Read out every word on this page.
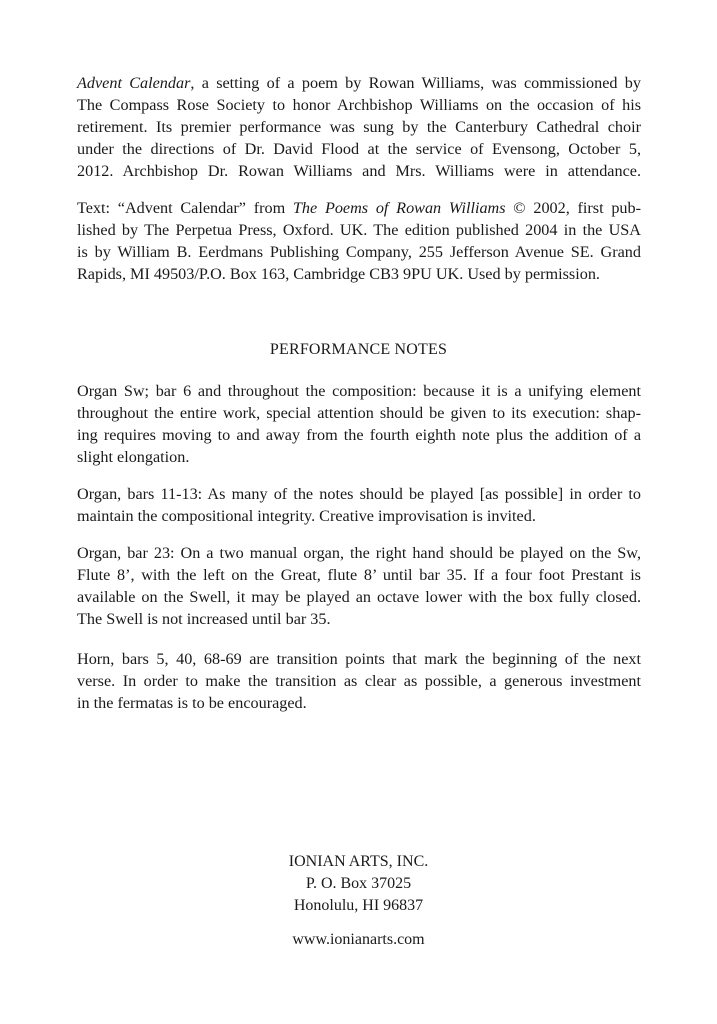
Advent Calendar, a setting of a poem by Rowan Williams, was commissioned by
The Compass Rose Society to honor Archbishop Williams on the occasion of his
retirement. Its premier performance was sung by the Canterbury Cathedral choir
under the directions of Dr. David Flood at the service of Evensong, October 5,
2012. Archbishop Dr. Rowan Williams and Mrs. Williams were in attendance.
Text: “Advent Calendar” from The Poems of Rowan Williams © 2002, first pub-
lished by The Perpetua Press, Oxford. UK. The edition published 2004 in the USA
is by William B. Eerdmans Publishing Company, 255 Jefferson Avenue SE. Grand
Rapids, MI 49503/P.O. Box 163, Cambridge CB3 9PU UK. Used by permission.
PERFORMANCE NOTES
Organ Sw; bar 6 and throughout the composition: because it is a unifying element
throughout the entire work, special attention should be given to its execution: shap-
ing requires moving to and away from the fourth eighth note plus the addition of a
slight elongation.
Organ, bars 11-13: As many of the notes should be played [as possible] in order to
maintain the compositional integrity. Creative improvisation is invited.
Organ, bar 23: On a two manual organ, the right hand should be played on the Sw,
Flute 8’, with the left on the Great, flute 8’ until bar 35. If a four foot Prestant is
available on the Swell, it may be played an octave lower with the box fully closed.
The Swell is not increased until bar 35.
Horn, bars 5, 40, 68-69 are transition points that mark the beginning of the next
verse. In order to make the transition as clear as possible, a generous investment
in the fermatas is to be encouraged.
IONIAN ARTS, INC.
P. O. Box 37025
Honolulu, HI 96837
www.ionianarts.com
